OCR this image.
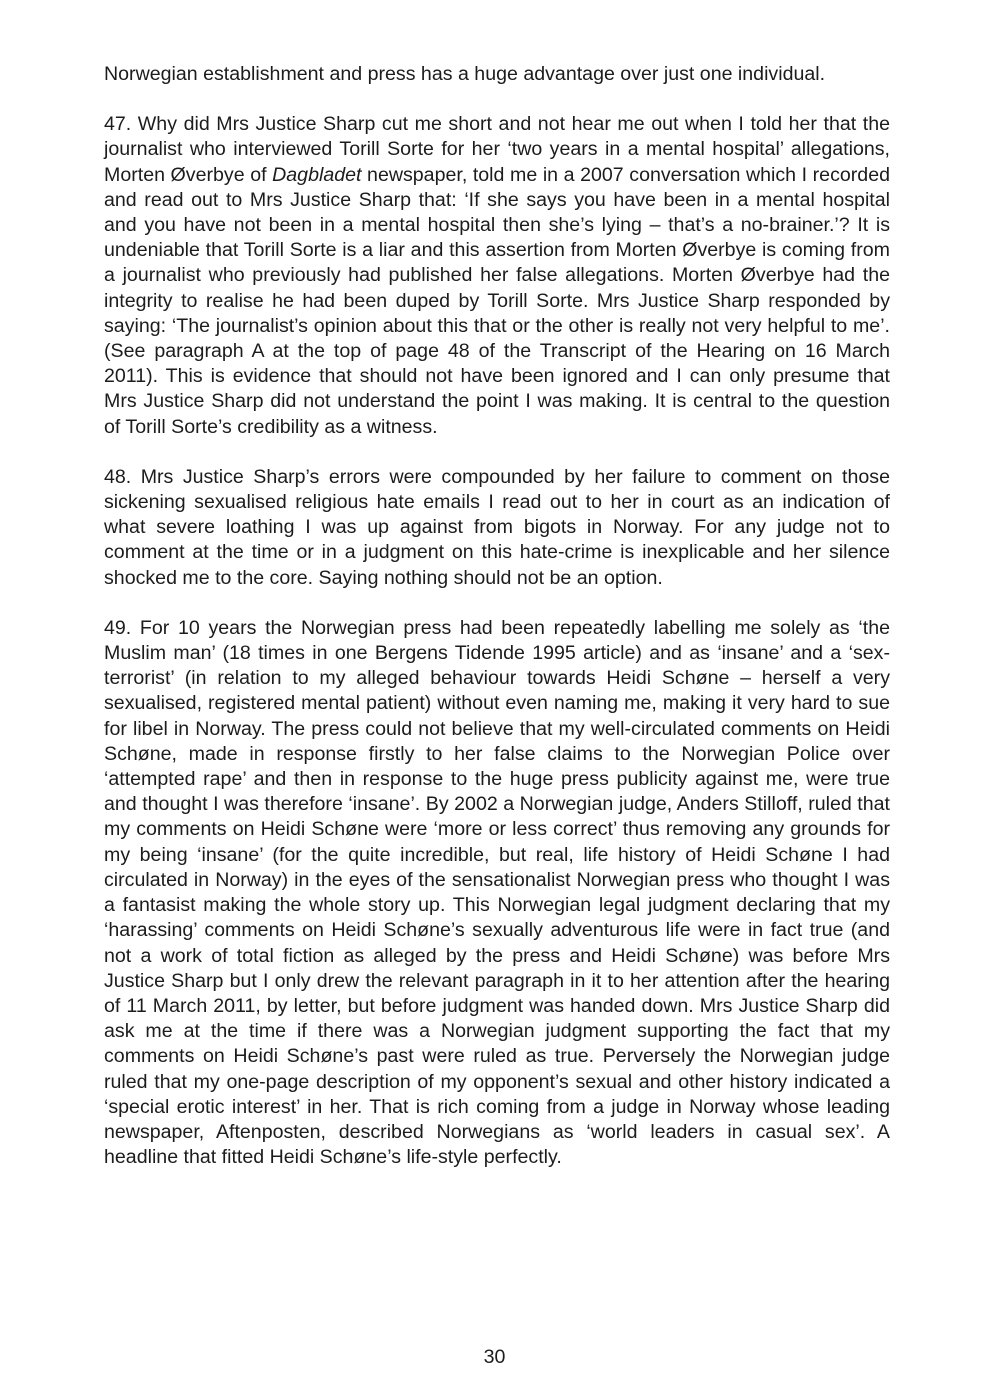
Norwegian establishment and press has a huge advantage over just one individual.

47. Why did Mrs Justice Sharp cut me short and not hear me out when I told her that the journalist who interviewed Torill Sorte for her ‘two years in a mental hospital’ allegations, Morten Øverbye of Dagbladet newspaper, told me in a 2007 conversation which I recorded and read out to Mrs Justice Sharp that: ‘If she says you have been in a mental hospital and you have not been in a mental hospital then she’s lying – that’s a no-brainer.’? It is undeniable that Torill Sorte is a liar and this assertion from Morten Øverbye is coming from a journalist who previously had published her false allegations. Morten Øverbye had the integrity to realise he had been duped by Torill Sorte. Mrs Justice Sharp responded by saying: ‘The journalist’s opinion about this that or the other is really not very helpful to me’. (See paragraph A at the top of page 48 of the Transcript of the Hearing on 16 March 2011). This is evidence that should not have been ignored and I can only presume that Mrs Justice Sharp did not understand the point I was making. It is central to the question of Torill Sorte’s credibility as a witness.

48. Mrs Justice Sharp’s errors were compounded by her failure to comment on those sickening sexualised religious hate emails I read out to her in court as an indication of what severe loathing I was up against from bigots in Norway. For any judge not to comment at the time or in a judgment on this hate-crime is inexplicable and her silence shocked me to the core. Saying nothing should not be an option.

49. For 10 years the Norwegian press had been repeatedly labelling me solely as ‘the Muslim man’ (18 times in one Bergens Tidende 1995 article) and as ‘insane’ and a ‘sex-terrorist’ (in relation to my alleged behaviour towards Heidi Schøne – herself a very sexualised, registered mental patient) without even naming me, making it very hard to sue for libel in Norway. The press could not believe that my well-circulated comments on Heidi Schøne, made in response firstly to her false claims to the Norwegian Police over ‘attempted rape’ and then in response to the huge press publicity against me, were true and thought I was therefore ‘insane’. By 2002 a Norwegian judge, Anders Stilloff, ruled that my comments on Heidi Schøne were ‘more or less correct’ thus removing any grounds for my being ‘insane’ (for the quite incredible, but real, life history of Heidi Schøne I had circulated in Norway) in the eyes of the sensationalist Norwegian press who thought I was a fantasist making the whole story up. This Norwegian legal judgment declaring that my ‘harassing’ comments on Heidi Schøne’s sexually adventurous life were in fact true (and not a work of total fiction as alleged by the press and Heidi Schøne) was before Mrs Justice Sharp but I only drew the relevant paragraph in it to her attention after the hearing of 11 March 2011, by letter, but before judgment was handed down. Mrs Justice Sharp did ask me at the time if there was a Norwegian judgment supporting the fact that my comments on Heidi Schøne’s past were ruled as true. Perversely the Norwegian judge ruled that my one-page description of my opponent’s sexual and other history indicated a ‘special erotic interest’ in her. That is rich coming from a judge in Norway whose leading newspaper, Aftenposten, described Norwegians as ‘world leaders in casual sex’. A headline that fitted Heidi Schøne’s life-style perfectly.

30
